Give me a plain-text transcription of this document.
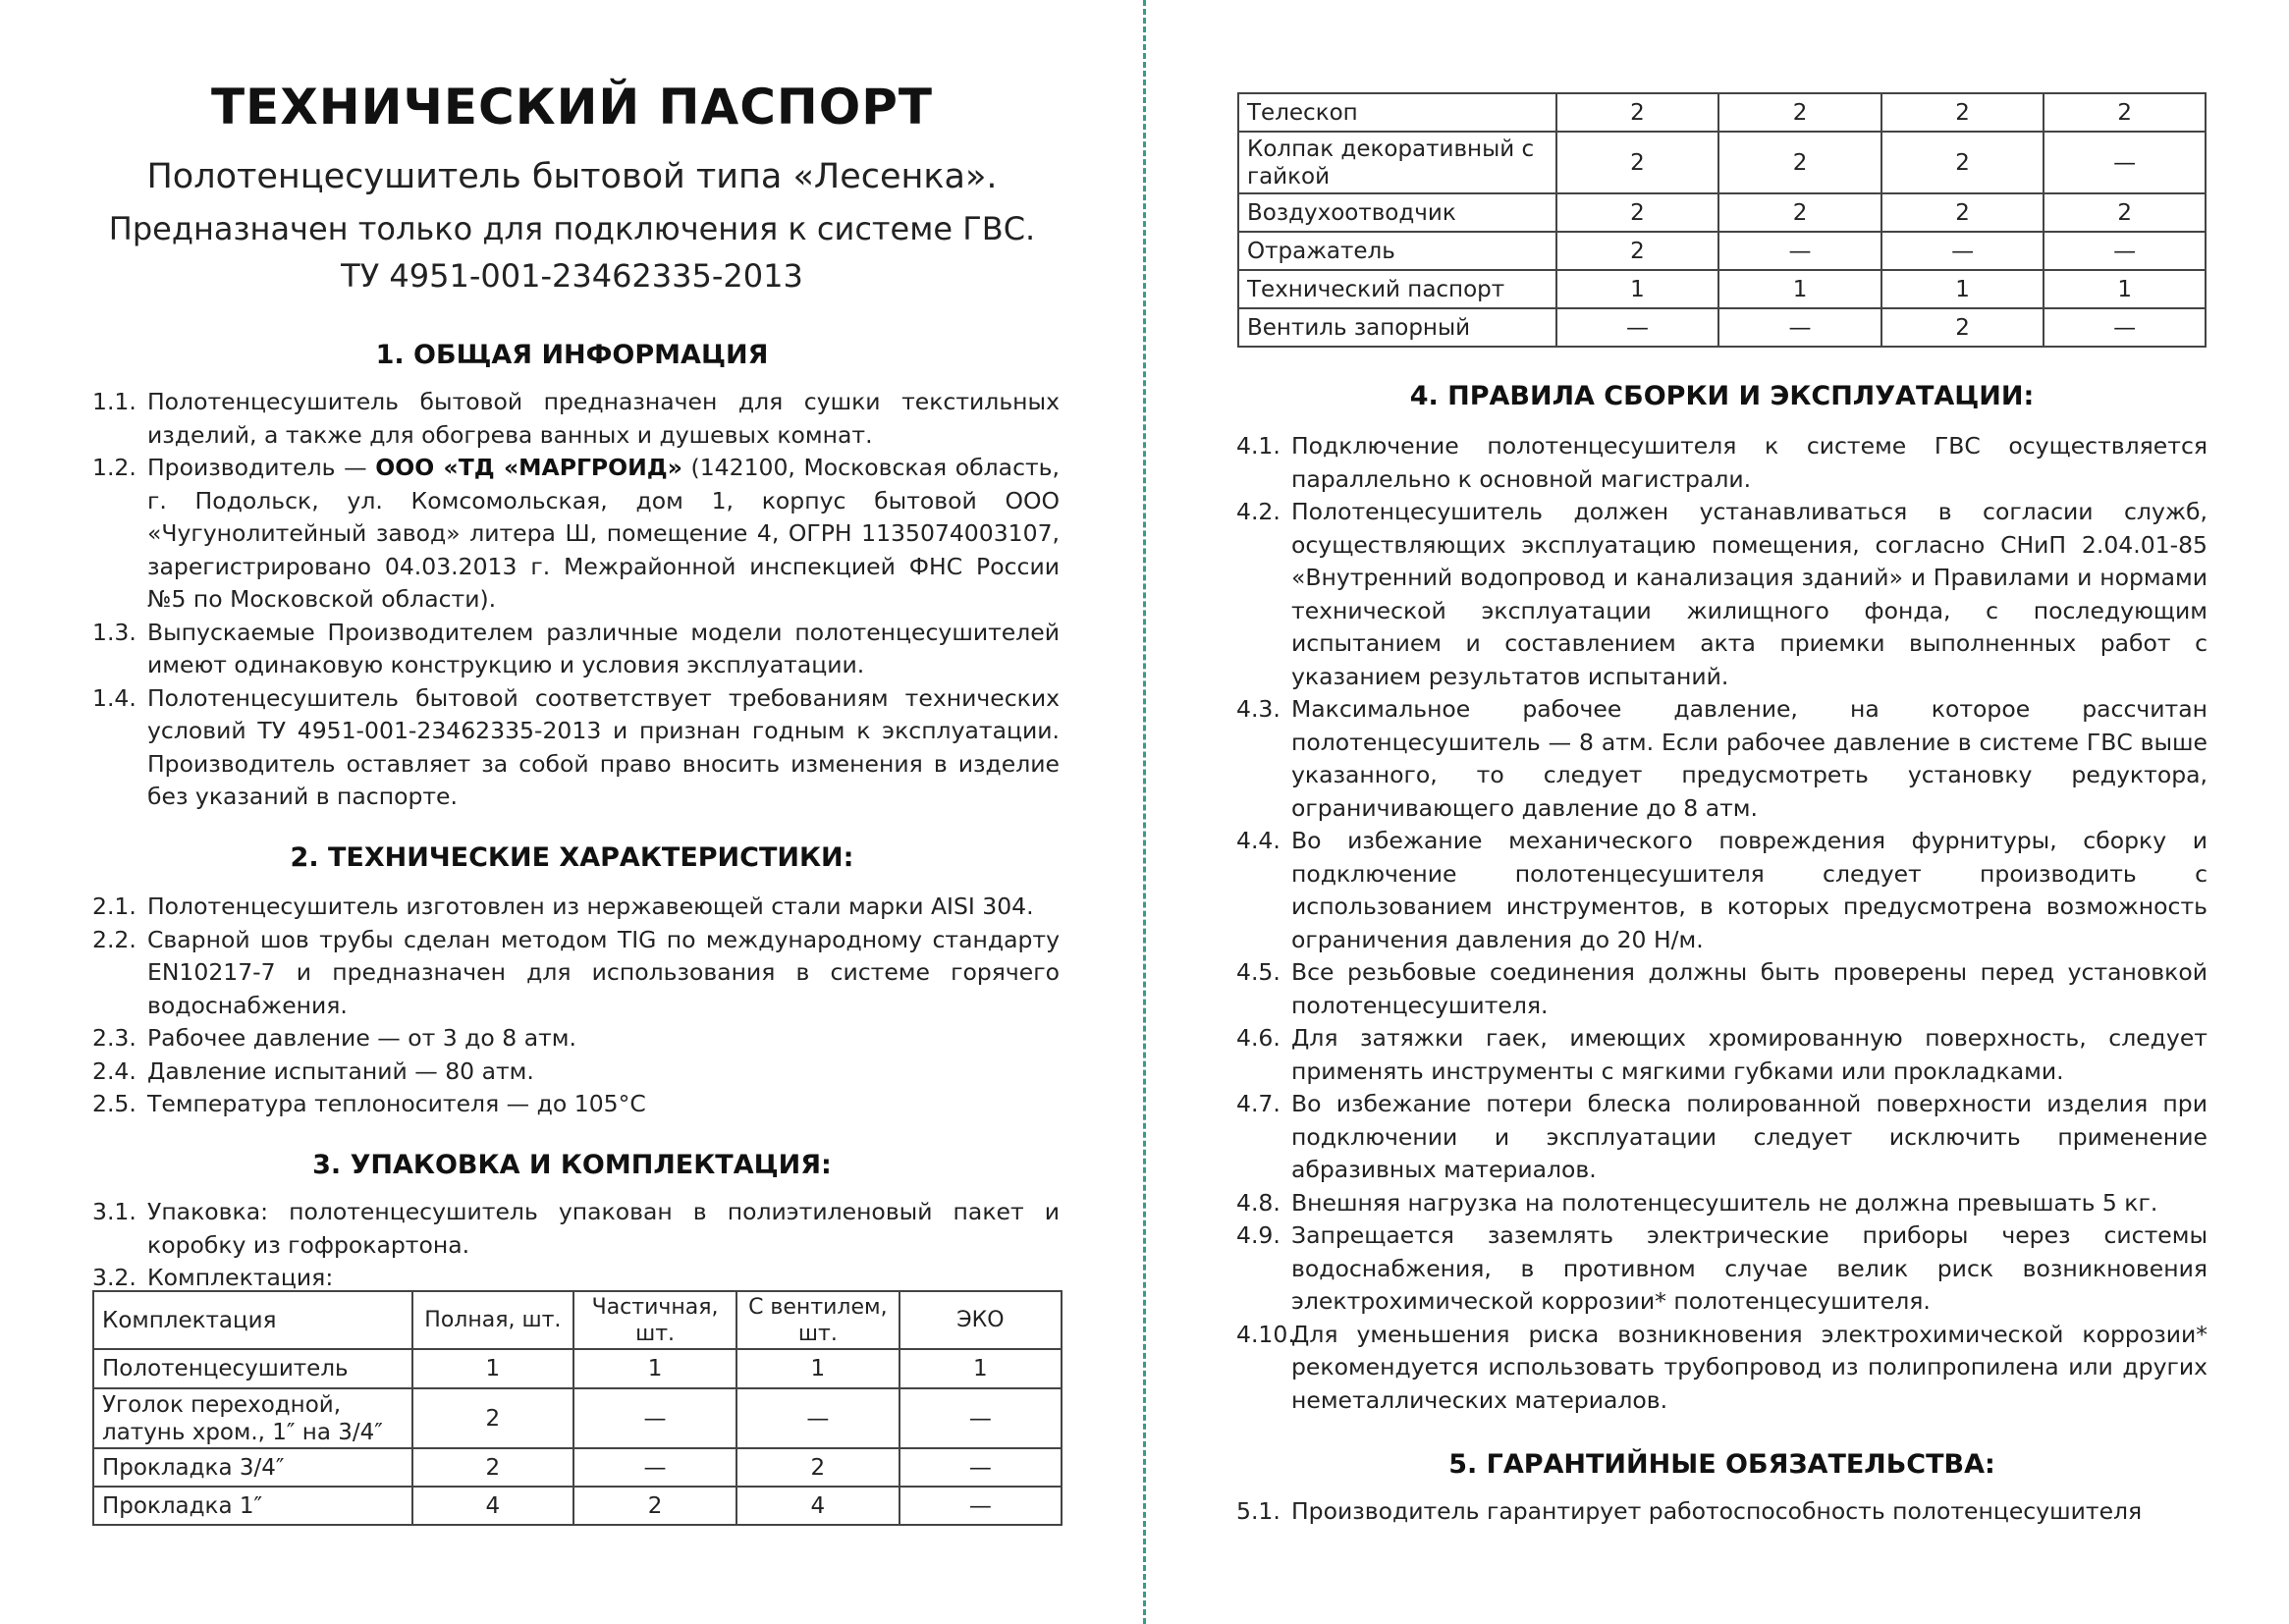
ТЕХНИЧЕСКИЙ ПАСПОРТ
Полотенцесушитель бытовой типа «Лесенка».
Предназначен только для подключения к системе ГВС.
ТУ 4951-001-23462335-2013
1. ОБЩАЯ ИНФОРМАЦИЯ
1.1. Полотенцесушитель бытовой предназначен для сушки текстильных изделий, а также для обогрева ванных и душевых комнат.
1.2. Производитель — ООО «ТД «МАРГРОИД» (142100, Московская область, г. Подольск, ул. Комсомольская, дом 1, корпус бытовой ООО «Чугунолитейный завод» литера Ш, помещение 4, ОГРН 1135074003107, зарегистрировано 04.03.2013 г. Межрайонной инспекцией ФНС России №5 по Московской области).
1.3. Выпускаемые Производителем различные модели полотенцесушителей имеют одинаковую конструкцию и условия эксплуатации.
1.4. Полотенцесушитель бытовой соответствует требованиям технических условий ТУ 4951-001-23462335-2013 и признан годным к эксплуатации. Производитель оставляет за собой право вносить изменения в изделие без указаний в паспорте.
2. ТЕХНИЧЕСКИЕ ХАРАКТЕРИСТИКИ:
2.1. Полотенцесушитель изготовлен из нержавеющей стали марки AISI 304.
2.2. Сварной шов трубы сделан методом TIG по международному стандарту EN10217-7 и предназначен для использования в системе горячего водоснабжения.
2.3. Рабочее давление — от 3 до 8 атм.
2.4. Давление испытаний — 80 атм.
2.5. Температура теплоносителя — до 105°C
3. УПАКОВКА И КОМПЛЕКТАЦИЯ:
3.1. Упаковка: полотенцесушитель упакован в полиэтиленовый пакет и коробку из гофрокартона.
3.2. Комплектация:
Комплектация	Полная, шт.	Частичная, шт.	С вентилем, шт.	ЭКО
Полотенцесушитель	1	1	1	1
Уголок переходной, латунь хром., 1″ на 3/4″	2	—	—	—
Прокладка 3/4″	2	—	2	—
Прокладка 1″	4	2	4	—
Телескоп	2	2	2	2
Колпак декоративный с гайкой	2	2	2	—
Воздухоотводчик	2	2	2	2
Отражатель	2	—	—	—
Технический паспорт	1	1	1	1
Вентиль запорный	—	—	2	—
4. ПРАВИЛА СБОРКИ И ЭКСПЛУАТАЦИИ:
4.1. Подключение полотенцесушителя к системе ГВС осуществляется параллельно к основной магистрали.
4.2. Полотенцесушитель должен устанавливаться в согласии служб, осуществляющих эксплуатацию помещения, согласно СНиП 2.04.01-85 «Внутренний водопровод и канализация зданий» и Правилами и нормами технической эксплуатации жилищного фонда, с последующим испытанием и составлением акта приемки выполненных работ с указанием результатов испытаний.
4.3. Максимальное рабочее давление, на которое рассчитан полотенцесушитель — 8 атм. Если рабочее давление в системе ГВС выше указанного, то следует предусмотреть установку редуктора, ограничивающего давление до 8 атм.
4.4. Во избежание механического повреждения фурнитуры, сборку и подключение полотенцесушителя следует производить с использованием инструментов, в которых предусмотрена возможность ограничения давления до 20 Н/м.
4.5. Все резьбовые соединения должны быть проверены перед установкой полотенцесушителя.
4.6. Для затяжки гаек, имеющих хромированную поверхность, следует применять инструменты с мягкими губками или прокладками.
4.7. Во избежание потери блеска полированной поверхности изделия при подключении и эксплуатации следует исключить применение абразивных материалов.
4.8. Внешняя нагрузка на полотенцесушитель не должна превышать 5 кг.
4.9. Запрещается заземлять электрические приборы через системы водоснабжения, в противном случае велик риск возникновения электрохимической коррозии* полотенцесушителя.
4.10.
Для уменьшения риска возникновения электрохимической коррозии* рекомендуется использовать трубопровод из полипропилена или других неметаллических материалов.
5. ГАРАНТИЙНЫЕ ОБЯЗАТЕЛЬСТВА:
5.1. Производитель гарантирует работоспособность полотенцесушителя
